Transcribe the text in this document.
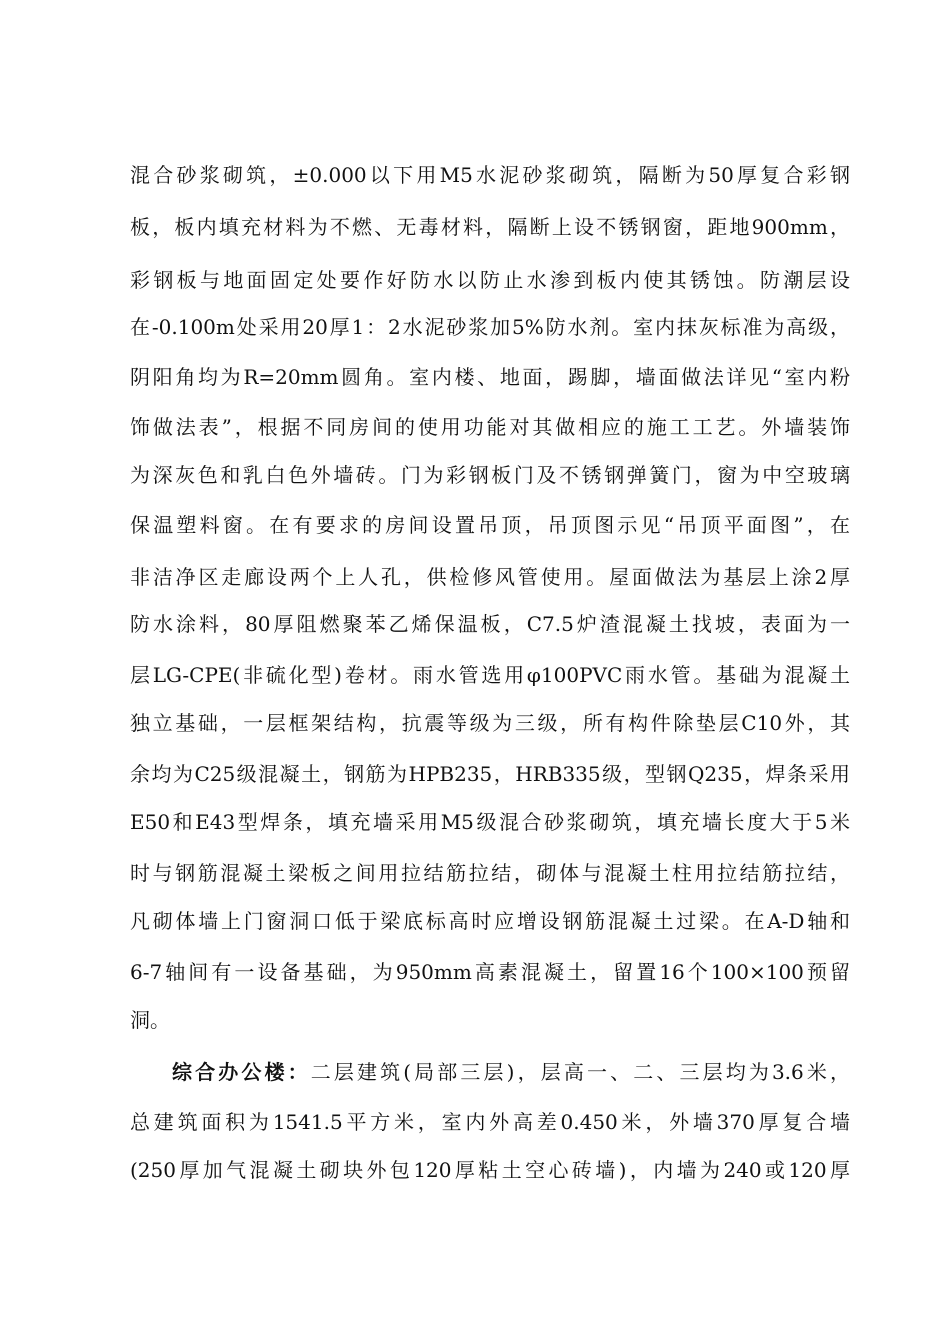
混合砂浆砌筑，±0.000以下用M5水泥砂浆砌筑，隔断为50厚复合彩钢
板，板内填充材料为不燃、无毒材料，隔断上设不锈钢窗，距地900mm，
彩钢板与地面固定处要作好防水以防止水渗到板内使其锈蚀。防潮层设
在-0.100m处采用20厚1：2水泥砂浆加5%防水剂。室内抹灰标准为高级，
阴阳角均为R=20mm圆角。室内楼、地面，踢脚，墙面做法详见“室内粉
饰做法表”，根据不同房间的使用功能对其做相应的施工工艺。外墙装饰
为深灰色和乳白色外墙砖。门为彩钢板门及不锈钢弹簧门，窗为中空玻璃
保温塑料窗。在有要求的房间设置吊顶，吊顶图示见“吊顶平面图”，在
非洁净区走廊设两个上人孔，供检修风管使用。屋面做法为基层上涂2厚
防水涂料，80厚阻燃聚苯乙烯保温板，C7.5炉渣混凝土找坡，表面为一
层LG-CPE(非硫化型)卷材。雨水管选用φ100PVC雨水管。基础为混凝土
独立基础，一层框架结构，抗震等级为三级，所有构件除垫层C10外，其
余均为C25级混凝土，钢筋为HPB235，HRB335级，型钢Q235，焊条采用
E50和E43型焊条，填充墙采用M5级混合砂浆砌筑，填充墙长度大于5米
时与钢筋混凝土梁板之间用拉结筋拉结，砌体与混凝土柱用拉结筋拉结，
凡砌体墙上门窗洞口低于梁底标高时应增设钢筋混凝土过梁。在A-D轴和
6-7轴间有一设备基础，为950mm高素混凝土，留置16个100×100预留
洞。
综合办公楼：二层建筑(局部三层)，层高一、二、三层均为3.6米，
总建筑面积为1541.5平方米，室内外高差0.450米，外墙370厚复合墙
(250厚加气混凝土砌块外包120厚粘土空心砖墙)，内墙为240或120厚
